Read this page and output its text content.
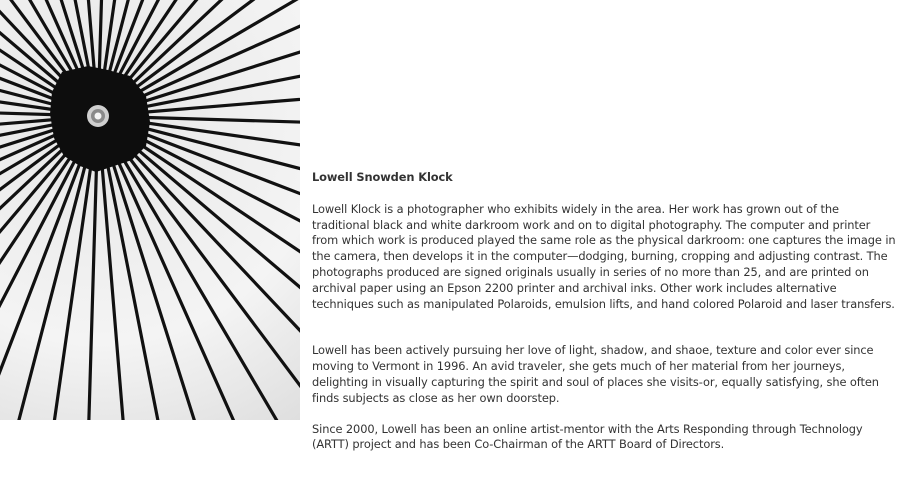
Lowell Snowden Klock

Lowell Klock is a photographer who exhibits widely in the area. Her work has grown out of the traditional black and white darkroom work and on to digital photography. The computer and printer from which work is produced played the same role as the physical darkroom: one captures the image in the camera, then develops it in the computer—dodging, burning, cropping and adjusting contrast. The photographs produced are signed originals usually in series of no more than 25, and are printed on archival paper using an Epson 2200 printer and archival inks. Other work includes alternative techniques such as manipulated Polaroids, emulsion lifts, and hand colored Polaroid and laser transfers.

Lowell has been actively pursuing her love of light, shadow, and shaoe, texture and color ever since moving to Vermont in 1996. An avid traveler, she gets much of her material from her journeys, delighting in visually capturing the spirit and soul of places she visits-or, equally satisfying, she often finds subjects as close as her own doorstep.

Since 2000, Lowell has been an online artist-mentor with the Arts Responding through Technology (ARTT) project and has been Co-Chairman of the ARTT Board of Directors.
